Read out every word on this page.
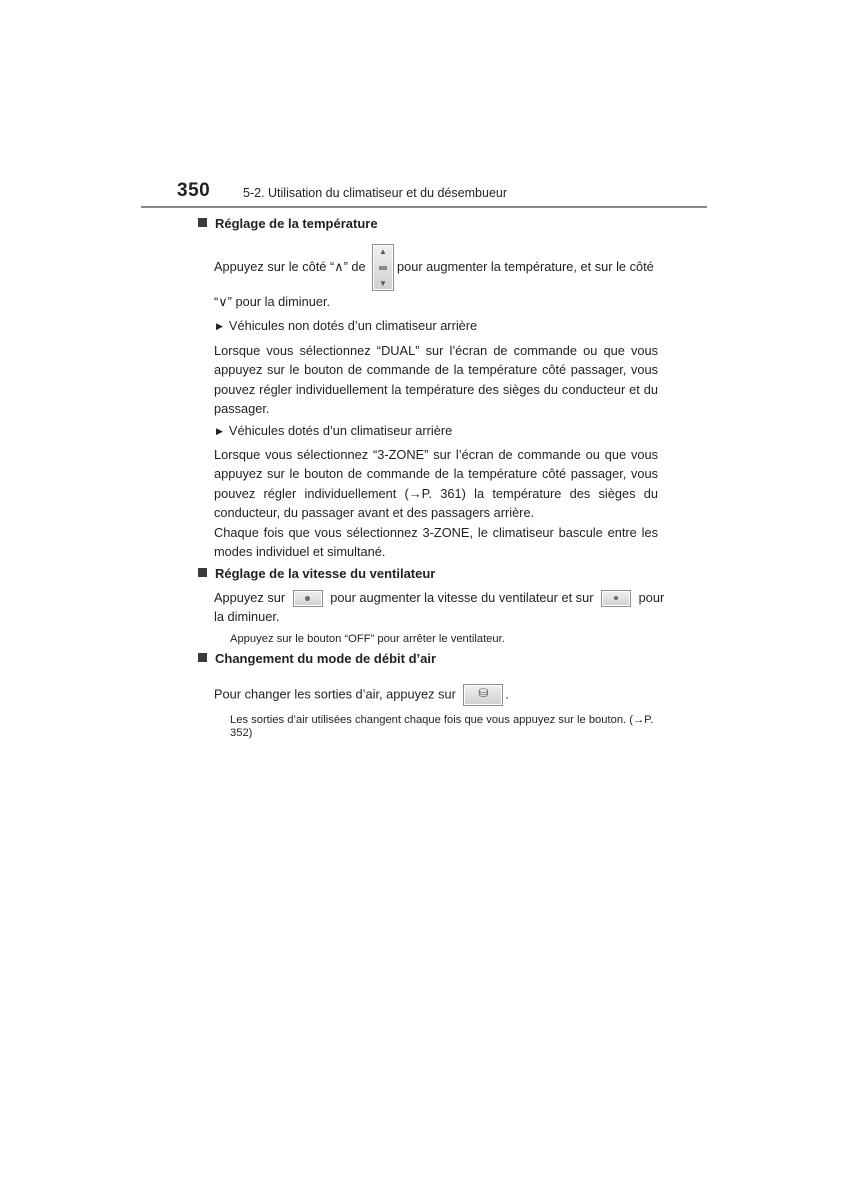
350	5-2. Utilisation du climatiseur et du désembueur
Réglage de la température
Appuyez sur le côté “∧” de
▲
▼
pour augmenter la température, et sur le côté
“∨” pour la diminuer.
▶ Véhicules non dotés d’un climatiseur arrière
Lorsque vous sélectionnez “DUAL” sur l’écran de commande ou que vous appuyez sur le bouton de commande de la température côté passager, vous pouvez régler individuellement la température des sièges du conducteur et du passager.
▶ Véhicules dotés d’un climatiseur arrière
Lorsque vous sélectionnez “3-ZONE” sur l’écran de commande ou que vous appuyez sur le bouton de commande de la température côté passager, vous pouvez régler individuellement (→P. 361) la température des sièges du conducteur, du passager avant et des passagers arrière.
Chaque fois que vous sélectionnez 3-ZONE, le climatiseur bascule entre les modes individuel et simultané.
Réglage de la vitesse du ventilateur
Appuyez sur	pour augmenter la vitesse du ventilateur et sur	pour
la diminuer.
Appuyez sur le bouton “OFF” pour arrêter le ventilateur.
Changement du mode de débit d’air
Pour changer les sorties d’air, appuyez sur	⛁	.
Les sorties d’air utilisées changent chaque fois que vous appuyez sur le bouton. (→P. 352)
